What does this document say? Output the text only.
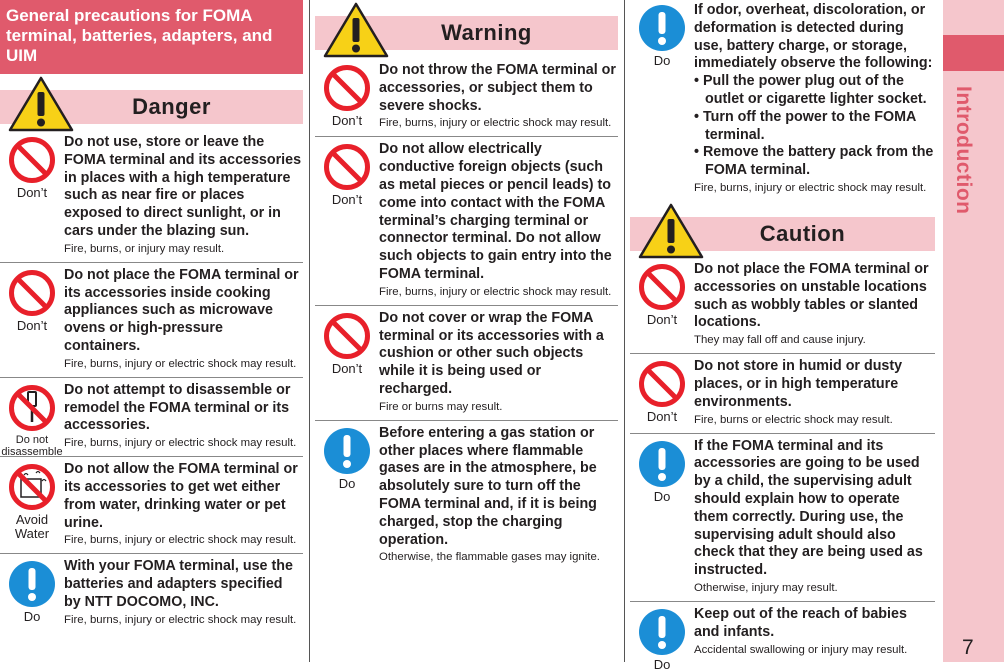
General precautions for FOMA terminal, batteries, adapters, and UIM
Danger
Don’t
Do not use, store or leave the FOMA terminal and its accessories in places with a high temperature such as near fire or places exposed to direct sunlight, or in cars under the blazing sun.
Fire, burns, or injury may result.
Don’t
Do not place the FOMA terminal or its accessories inside cooking appliances such as microwave ovens or high-pressure containers.
Fire, burns, injury or electric shock may result.
Do not disassemble
Do not attempt to disassemble or remodel the FOMA terminal or its accessories.
Fire, burns, injury or electric shock may result.
Avoid Water
Do not allow the FOMA terminal or its accessories to get wet either from water, drinking water or pet urine.
Fire, burns, injury or electric shock may result.
Do
With your FOMA terminal, use the batteries and adapters specified by NTT DOCOMO, INC.
Fire, burns, injury or electric shock may result.
Warning
Don’t
Do not throw the FOMA terminal or accessories, or subject them to severe shocks.
Fire, burns, injury or electric shock may result.
Don’t
Do not allow electrically conductive foreign objects (such as metal pieces or pencil leads) to come into contact with the FOMA terminal’s charging terminal or connector terminal. Do not allow such objects to gain entry into the FOMA terminal.
Fire, burns, injury or electric shock may result.
Don’t
Do not cover or wrap the FOMA terminal or its accessories with a cushion or other such objects while it is being used or recharged.
Fire or burns may result.
Do
Before entering a gas station or other places where flammable gases are in the atmosphere, be absolutely sure to turn off the FOMA terminal and, if it is being charged, stop the charging operation.
Otherwise, the flammable gases may ignite.
Do
If odor, overheat, discoloration, or deformation is detected during use, battery charge, or storage, immediately observe the following:
• Pull the power plug out of the outlet or cigarette lighter socket.
• Turn off the power to the FOMA terminal.
• Remove the battery pack from the FOMA terminal.
Fire, burns, injury or electric shock may result.
Caution
Don’t
Do not place the FOMA terminal or accessories on unstable locations such as wobbly tables or slanted locations.
They may fall off and cause injury.
Don’t
Do not store in humid or dusty places, or in high temperature environments.
Fire, burns or electric shock may result.
Do
If the FOMA terminal and its accessories are going to be used by a child, the supervising adult should explain how to operate them correctly. During use, the supervising adult should also check that they are being used as instructed.
Otherwise, injury may result.
Do
Keep out of the reach of babies and infants.
Accidental swallowing or injury may result.
Introduction
7
